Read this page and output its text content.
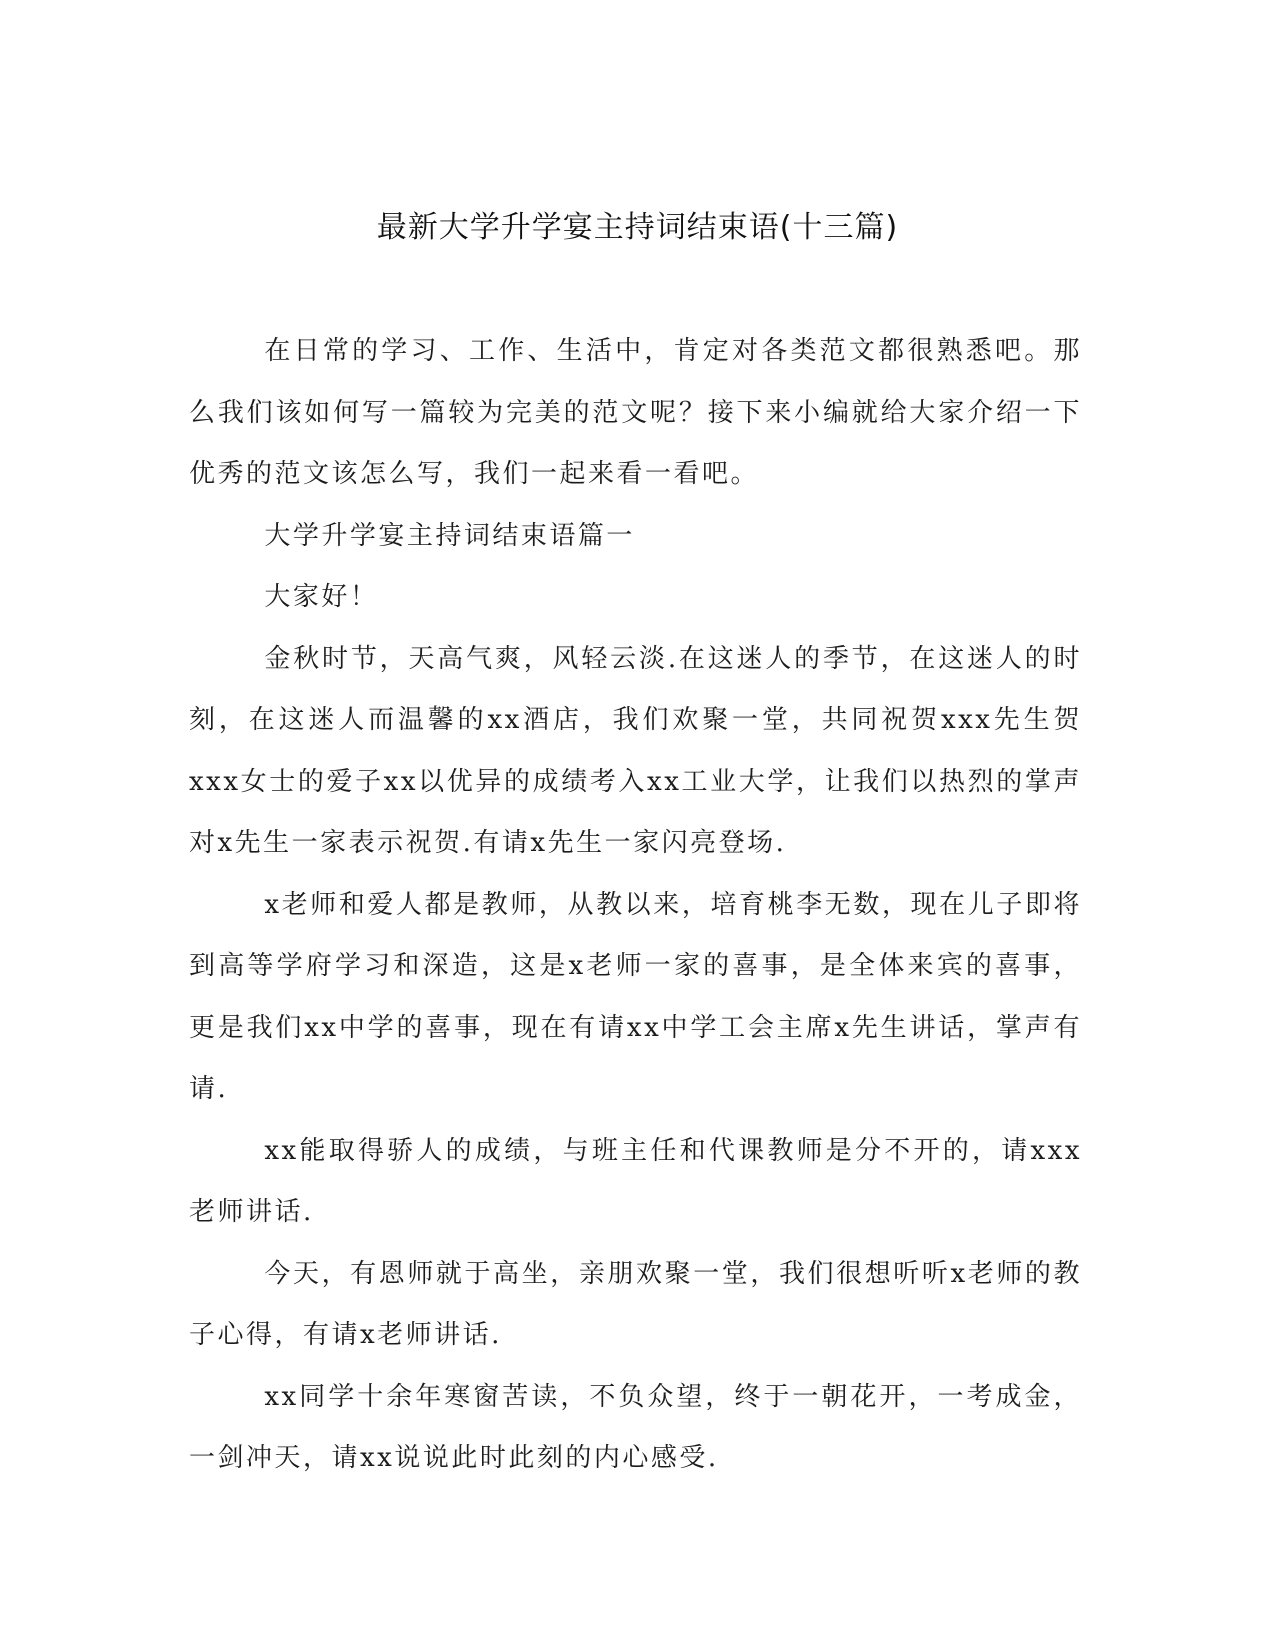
最新大学升学宴主持词结束语(十三篇)

在日常的学习、工作、生活中，肯定对各类范文都很熟悉吧。那么我们该如何写一篇较为完美的范文呢？接下来小编就给大家介绍一下优秀的范文该怎么写，我们一起来看一看吧。

大学升学宴主持词结束语篇一

大家好！

金秋时节，天高气爽，风轻云淡.在这迷人的季节，在这迷人的时刻，在这迷人而温馨的xx酒店，我们欢聚一堂，共同祝贺xxx先生贺xxx女士的爱子xx以优异的成绩考入xx工业大学，让我们以热烈的掌声对x先生一家表示祝贺.有请x先生一家闪亮登场.

x老师和爱人都是教师，从教以来，培育桃李无数，现在儿子即将到高等学府学习和深造，这是x老师一家的喜事，是全体来宾的喜事，更是我们xx中学的喜事，现在有请xx中学工会主席x先生讲话，掌声有请.

xx能取得骄人的成绩，与班主任和代课教师是分不开的，请xxx老师讲话.

今天，有恩师就于高坐，亲朋欢聚一堂，我们很想听听x老师的教子心得，有请x老师讲话.

xx同学十余年寒窗苦读，不负众望，终于一朝花开，一考成金，一剑冲天，请xx说说此时此刻的内心感受.
